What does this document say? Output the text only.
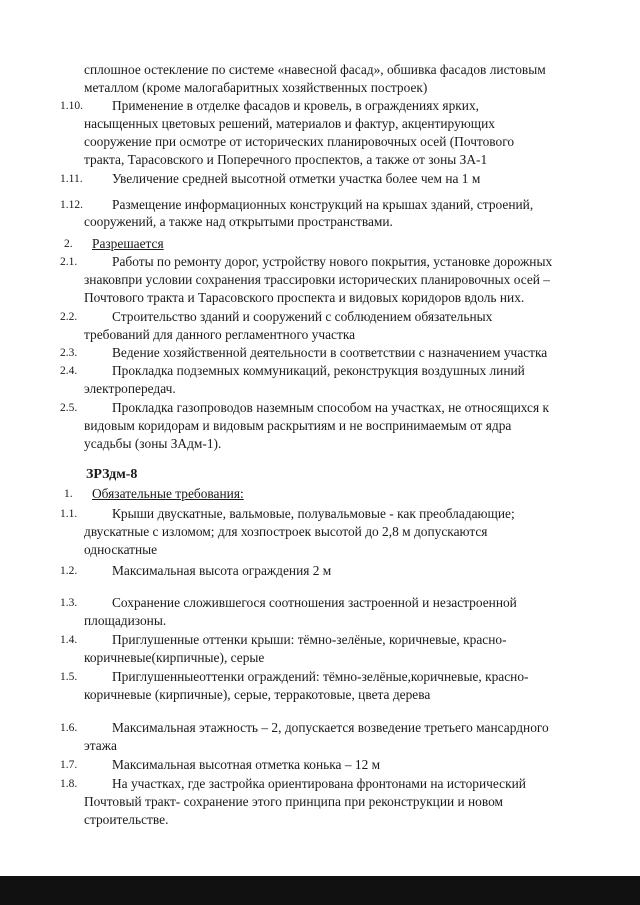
сплошное остекление по системе «навесной фасад», обшивка фасадов листовым
металлом (кроме малогабаритных хозяйственных построек)
1.10. Применение в отделке фасадов и кровель, в ограждениях ярких,
насыщенных цветовых решений, материалов и фактур, акцентирующих
сооружение при осмотре от исторических планировочных осей (Почтового
тракта, Тарасовского и Поперечного проспектов, а также от зоны ЗА-1
1.11. Увеличение средней высотной отметки участка более чем на 1 м
1.12. Размещение информационных конструкций на крышах зданий, строений,
сооружений, а также над открытыми пространствами.
2. Разрешается
2.1.	Работы по ремонту дорог, устройству нового покрытия, установке дорожных
знаковпри условии сохранения трассировки исторических планировочных осей –
Почтового тракта и Тарасовского проспекта и видовых коридоров вдоль них.
2.2.	Строительство зданий и сооружений с соблюдением обязательных
требований для данного регламентного участка
2.3.	Ведение хозяйственной деятельности в соответствии с назначением участка
2.4.	Прокладка подземных коммуникаций, реконструкция воздушных линий
электропередач.
2.5.	Прокладка газопроводов наземным способом на участках, не относящихся к
видовым коридорам и видовым раскрытиям и не воспринимаемым от ядра
усадьбы (зоны ЗАдм-1).
ЗРЗдм-8
1. Обязательные требования:
1.1.	Крыши двускатные, вальмовые, полувальмовые - как преобладающие;
двускатные с изломом; для хозпостроек высотой до 2,8 м допускаются
односкатные
1.2.	Максимальная высота ограждения 2 м
1.3.	Сохранение сложившегося соотношения застроенной и незастроенной
площадизоны.
1.4.	Приглушенные оттенки крыши: тёмно-зелёные, коричневые, красно-
коричневые(кирпичные), серые
1.5.	Приглушенныеоттенки ограждений: тёмно-зелёные,коричневые, красно-
коричневые (кирпичные), серые, терракотовые, цвета дерева
1.6.	Максимальная этажность – 2, допускается возведение третьего мансардного
этажа
1.7.	Максимальная высотная отметка конька – 12 м
1.8.	На участках, где застройка ориентирована фронтонами на исторический
Почтовый тракт- сохранение этого принципа при реконструкции и новом
строительстве.
